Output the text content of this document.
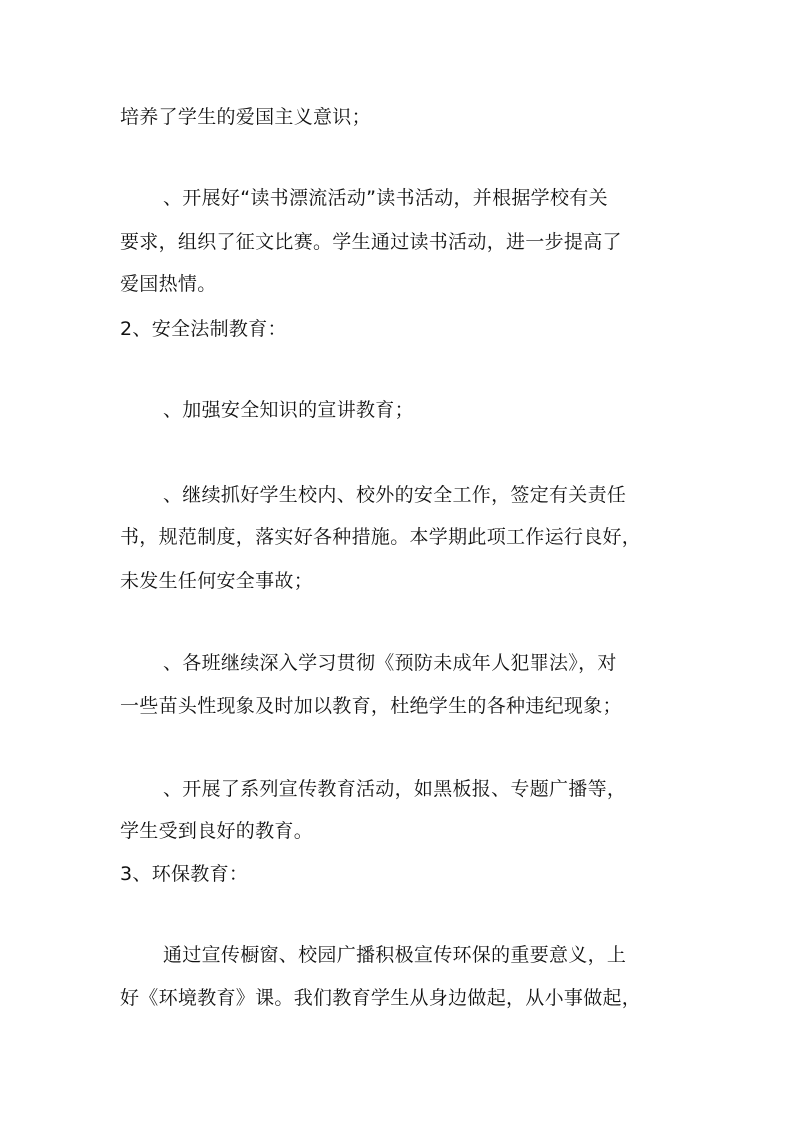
培养了学生的爱国主义意识；
、开展好“读书漂流活动”读书活动，并根据学校有关
要求，组织了征文比赛。学生通过读书活动，进一步提高了
爱国热情。
2、安全法制教育：
、加强安全知识的宣讲教育；
、继续抓好学生校内、校外的安全工作，签定有关责任
书，规范制度，落实好各种措施。本学期此项工作运行良好，
未发生任何安全事故；
、各班继续深入学习贯彻《预防未成年人犯罪法》，对
一些苗头性现象及时加以教育，杜绝学生的各种违纪现象；
、开展了系列宣传教育活动，如黑板报、专题广播等，
学生受到良好的教育。
3、环保教育：
通过宣传橱窗、校园广播积极宣传环保的重要意义，上
好《环境教育》课。我们教育学生从身边做起，从小事做起，
